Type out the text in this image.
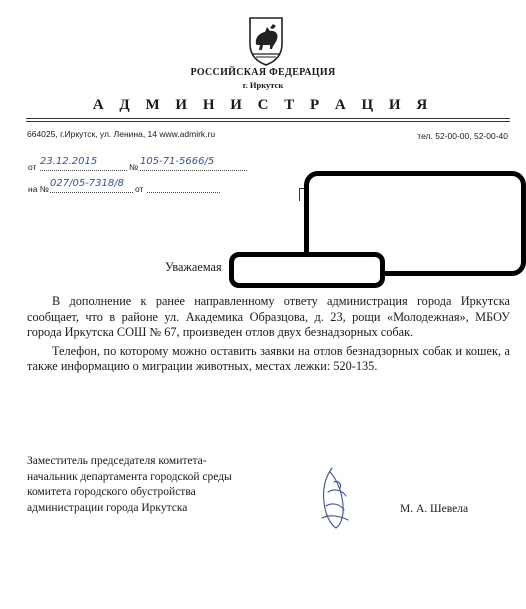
РОССИЙСКАЯ ФЕДЕРАЦИЯ
г. Иркутск
А Д М И Н И С Т Р А Ц И Я
664025, г.Иркутск, ул. Ленина, 14 www.admirk.ru	тел. 52-00-00, 52-00-40
от 23.12.2015	№ 105-71-5666/5
на № 027/05-7318/8 от
Уважаемая

В дополнение к ранее направленному ответу администрация города Иркутска сообщает, что в районе ул. Академика Образцова, д. 23, рощи «Молодежная», МБОУ города Иркутска СОШ № 67, произведен отлов двух безнадзорных собак.

Телефон, по которому можно оставить заявки на отлов безнадзорных собак и кошек, а также информацию о миграции животных, местах лежки: 520-135.

Заместитель председателя комитета-
начальник департамента городской среды
комитета городского обустройства
администрации города Иркутска	М. А. Шевела
